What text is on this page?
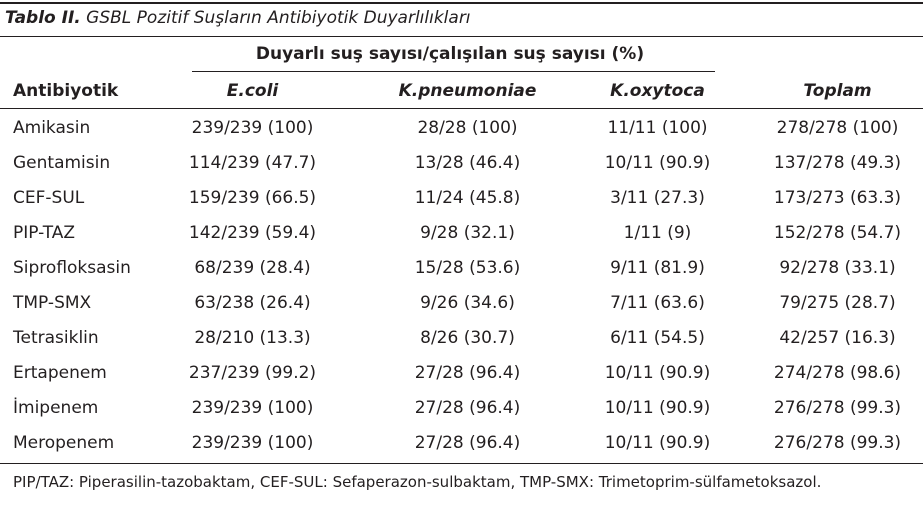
Tablo II. GSBL Pozitif Suşların Antibiyotik Duyarlılıkları
Duyarlı suş sayısı/çalışılan suş sayısı (%)
Antibiyotik	E.coli	K.pneumoniae	K.oxytoca	Toplam
Amikasin	239/239 (100)	28/28 (100)	11/11 (100)	278/278 (100)
Gentamisin	114/239 (47.7)	13/28 (46.4)	10/11 (90.9)	137/278 (49.3)
CEF-SUL	159/239 (66.5)	11/24 (45.8)	3/11 (27.3)	173/273 (63.3)
PIP-TAZ	142/239 (59.4)	9/28 (32.1)	1/11 (9)	152/278 (54.7)
Siprofloksasin	68/239 (28.4)	15/28 (53.6)	9/11 (81.9)	92/278 (33.1)
TMP-SMX	63/238 (26.4)	9/26 (34.6)	7/11 (63.6)	79/275 (28.7)
Tetrasiklin	28/210 (13.3)	8/26 (30.7)	6/11 (54.5)	42/257 (16.3)
Ertapenem	237/239 (99.2)	27/28 (96.4)	10/11 (90.9)	274/278 (98.6)
İmipenem	239/239 (100)	27/28 (96.4)	10/11 (90.9)	276/278 (99.3)
Meropenem	239/239 (100)	27/28 (96.4)	10/11 (90.9)	276/278 (99.3)
PIP/TAZ: Piperasilin-tazobaktam, CEF-SUL: Sefaperazon-sulbaktam, TMP-SMX: Trimetoprim-sülfametoksazol.
